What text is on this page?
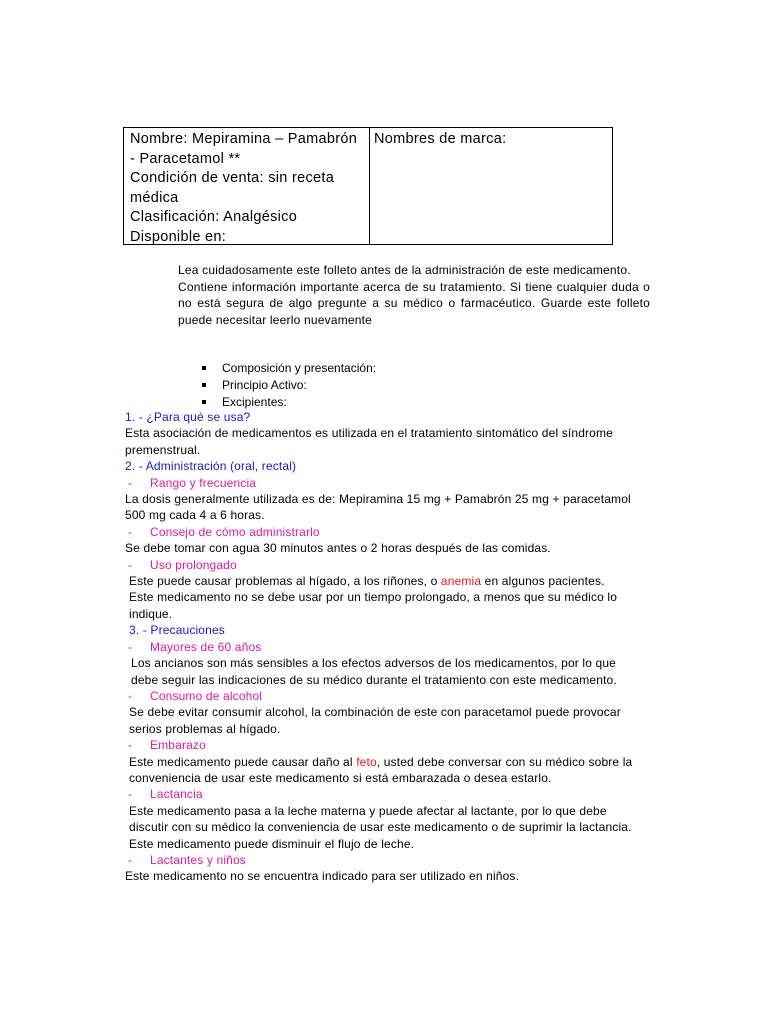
Nombre: Mepiramina – Pamabrón
- Paracetamol **
Condición de venta: sin receta
médica
Clasificación: Analgésico
Disponible en:
Nombres de marca:

Lea cuidadosamente este folleto antes de la administración de este medicamento.

Contiene información importante acerca de su tratamiento. Si tiene cualquier duda o no está segura de algo pregunte a su médico o farmacéutico. Guarde este folleto puede necesitar leerlo nuevamente

Composición y presentación:
Principio Activo:
Excipientes:
1. - ¿Para qué se usa?
Esta asociación de medicamentos es utilizada en el tratamiento sintomático del síndrome
premenstrual.
2. - Administración (oral, rectal)
- Rango y frecuencia
La dosis generalmente utilizada es de: Mepiramina 15 mg + Pamabrón 25 mg + paracetamol
500 mg cada 4 a 6 horas.
- Consejo de cómo administrarlo
Se debe tomar con agua 30 minutos antes o 2 horas después de las comidas.
- Uso prolongado
Este puede causar problemas al hígado, a los riñones, o anemia en algunos pacientes.
Este medicamento no se debe usar por un tiempo prolongado, a menos que su médico lo
indique.
3. - Precauciones
- Mayores de 60 años
Los ancianos son más sensibles a los efectos adversos de los medicamentos, por lo que
debe seguir las indicaciones de su médico durante el tratamiento con este medicamento.
- Consumo de alcohol
Se debe evitar consumir alcohol, la combinación de este con paracetamol puede provocar
serios problemas al hígado.
- Embarazo
Este medicamento puede causar daño al feto, usted debe conversar con su médico sobre la
conveniencia de usar este medicamento si está embarazada o desea estarlo.
- Lactancia
Este medicamento pasa a la leche materna y puede afectar al lactante, por lo que debe
discutir con su médico la conveniencia de usar este medicamento o de suprimir la lactancia.
Este medicamento puede disminuir el flujo de leche.
- Lactantes y niños
Este medicamento no se encuentra indicado para ser utilizado en niños.
